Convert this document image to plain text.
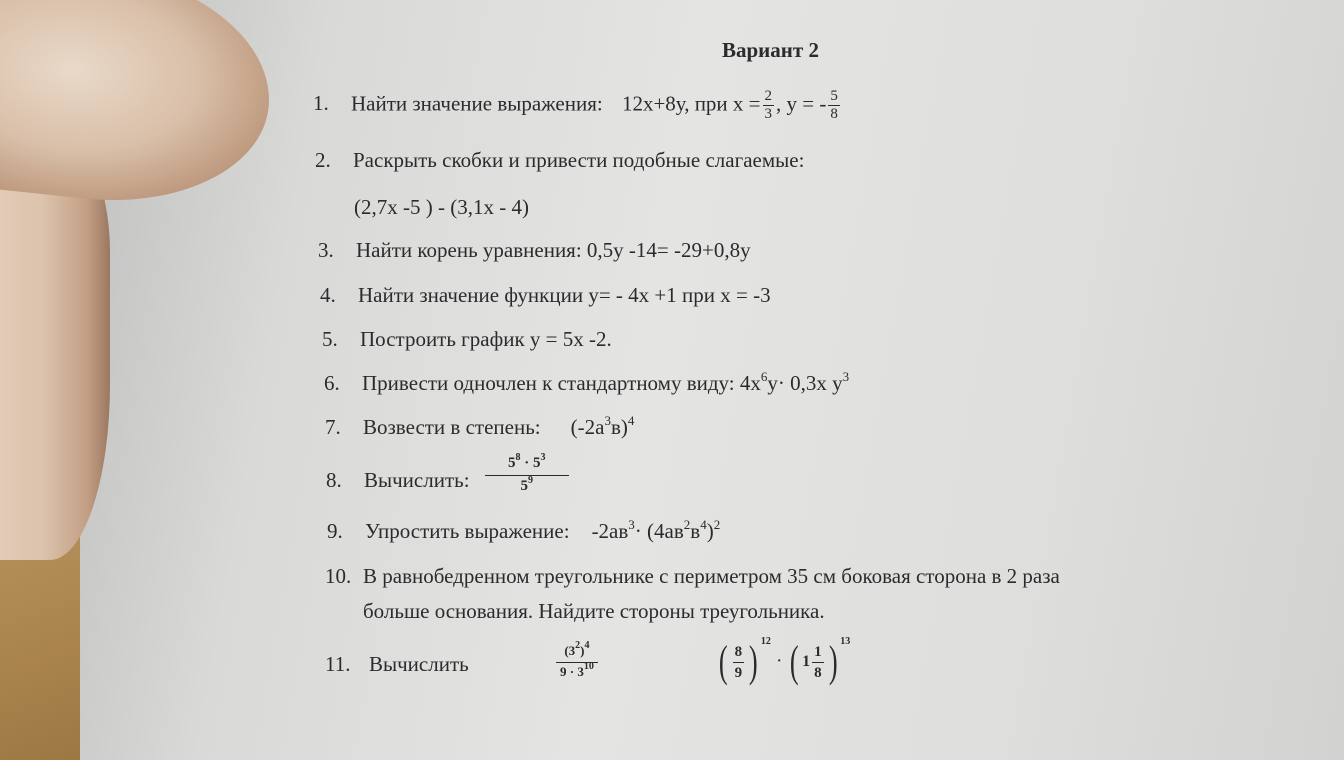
Вариант 2
1. Найти значение выражения: 12х+8у, при $х = \frac{2}{3}$ , у = - $\frac{5}{8}$
2. Раскрыть скобки и привести подобные слагаемые:
(2,7х -5 ) - (3,1х - 4)
3. Найти корень уравнения: 0,5у -14= -29+0,8у
4. Найти значение функции у= - 4х +1 при х = -3
5. Построить график у = 5х -2.
6. Привести одночлен к стандартному виду: $4х^6у\cdot 0,3х$ $у^3$
7. Возвести в степень: $(-2а^3в)^4$
8. Вычислить: $\frac{5^8 \cdot 5^3}{5^9}$
9. Упростить выражение: $-2ав^3\cdot (4ав^2в^4)^2$
10. В равнобедренном треугольнике с периметром 35 см боковая сторона в 2 раза
больше основания. Найдите стороны треугольника.
11. Вычислить
$(3^2)^4$
$9 \cdot 3^{10}$	( $\frac{8}{9}$ ) $^{12}$ · ( $1 \frac{1}{8}$ ) $^{13}$
